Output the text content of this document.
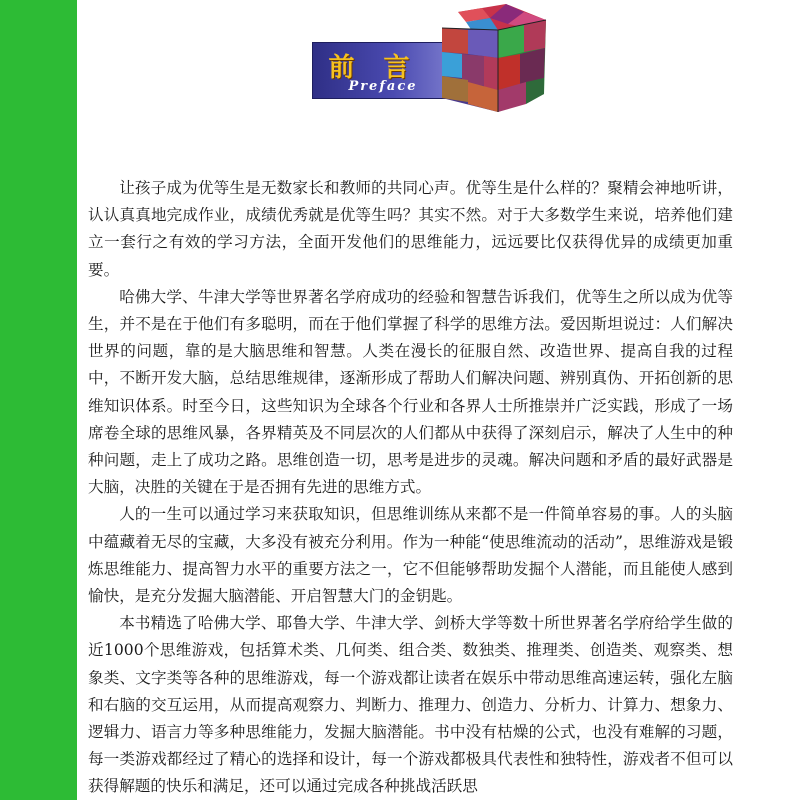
前 言
Preface

让孩子成为优等生是无数家长和教师的共同心声。优等生是什么样的？聚精会神地听讲，认认真真地完成作业，成绩优秀就是优等生吗？其实不然。对于大多数学生来说，培养他们建立一套行之有效的学习方法，全面开发他们的思维能力，远远要比仅获得优异的成绩更加重要。

哈佛大学、牛津大学等世界著名学府成功的经验和智慧告诉我们，优等生之所以成为优等生，并不是在于他们有多聪明，而在于他们掌握了科学的思维方法。爱因斯坦说过：人们解决世界的问题，靠的是大脑思维和智慧。人类在漫长的征服自然、改造世界、提高自我的过程中，不断开发大脑，总结思维规律，逐渐形成了帮助人们解决问题、辨别真伪、开拓创新的思维知识体系。时至今日，这些知识为全球各个行业和各界人士所推崇并广泛实践，形成了一场席卷全球的思维风暴，各界精英及不同层次的人们都从中获得了深刻启示，解决了人生中的种种问题，走上了成功之路。思维创造一切，思考是进步的灵魂。解决问题和矛盾的最好武器是大脑，决胜的关键在于是否拥有先进的思维方式。

人的一生可以通过学习来获取知识，但思维训练从来都不是一件简单容易的事。人的头脑中蕴藏着无尽的宝藏，大多没有被充分利用。作为一种能“使思维流动的活动”，思维游戏是锻炼思维能力、提高智力水平的重要方法之一，它不但能够帮助发掘个人潜能，而且能使人感到愉快，是充分发掘大脑潜能、开启智慧大门的金钥匙。

本书精选了哈佛大学、耶鲁大学、牛津大学、剑桥大学等数十所世界著名学府给学生做的近1000个思维游戏，包括算术类、几何类、组合类、数独类、推理类、创造类、观察类、想象类、文字类等各种的思维游戏，每一个游戏都让读者在娱乐中带动思维高速运转，强化左脑和右脑的交互运用，从而提高观察力、判断力、推理力、创造力、分析力、计算力、想象力、逻辑力、语言力等多种思维能力，发掘大脑潜能。书中没有枯燥的公式，也没有难解的习题，每一类游戏都经过了精心的选择和设计，每一个游戏都极具代表性和独特性，游戏者不但可以获得解题的快乐和满足，还可以通过完成各种挑战活跃思
